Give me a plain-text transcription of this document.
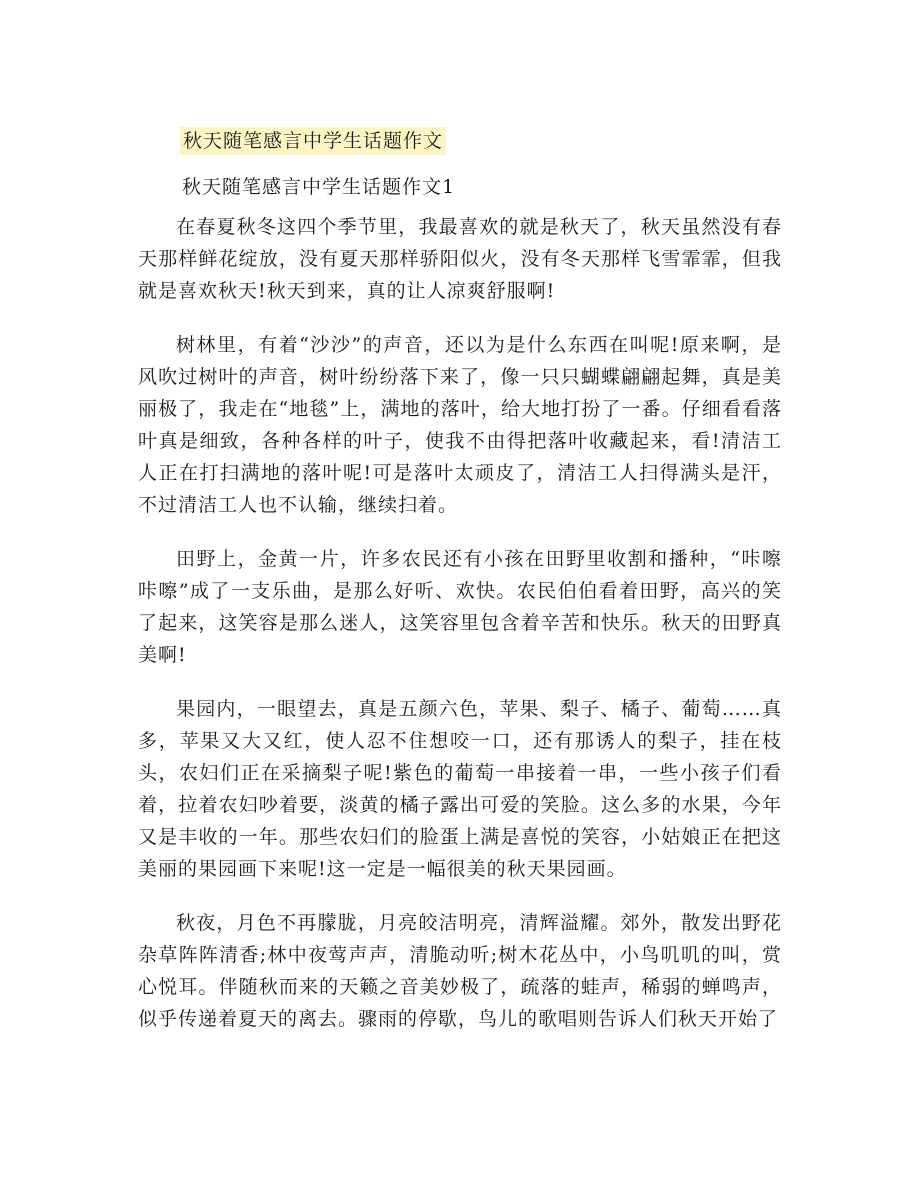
秋天随笔感言中学生话题作文
秋天随笔感言中学生话题作文1

在春夏秋冬这四个季节里，我最喜欢的就是秋天了，秋天虽然没有春天那样鲜花绽放，没有夏天那样骄阳似火，没有冬天那样飞雪霏霏，但我就是喜欢秋天!秋天到来，真的让人凉爽舒服啊!

树林里，有着“沙沙”的声音，还以为是什么东西在叫呢!原来啊，是风吹过树叶的声音，树叶纷纷落下来了，像一只只蝴蝶翩翩起舞，真是美丽极了，我走在“地毯”上，满地的落叶，给大地打扮了一番。仔细看看落叶真是细致，各种各样的叶子，使我不由得把落叶收藏起来，看!清洁工人正在打扫满地的落叶呢!可是落叶太顽皮了，清洁工人扫得满头是汗，不过清洁工人也不认输，继续扫着。

田野上，金黄一片，许多农民还有小孩在田野里收割和播种，“咔嚓咔嚓”成了一支乐曲，是那么好听、欢快。农民伯伯看着田野，高兴的笑了起来，这笑容是那么迷人，这笑容里包含着辛苦和快乐。秋天的田野真美啊!

果园内，一眼望去，真是五颜六色，苹果、梨子、橘子、葡萄……真多，苹果又大又红，使人忍不住想咬一口，还有那诱人的梨子，挂在枝头，农妇们正在采摘梨子呢!紫色的葡萄一串接着一串，一些小孩子们看着，拉着农妇吵着要，淡黄的橘子露出可爱的笑脸。这么多的水果，今年又是丰收的一年。那些农妇们的脸蛋上满是喜悦的笑容，小姑娘正在把这美丽的果园画下来呢!这一定是一幅很美的秋天果园画。

秋夜，月色不再朦胧，月亮皎洁明亮，清辉溢耀。郊外，散发出野花杂草阵阵清香;林中夜莺声声，清脆动听;树木花丛中，小鸟叽叽的叫，赏心悦耳。伴随秋而来的天籁之音美妙极了，疏落的蛙声，稀弱的蝉鸣声，似乎传递着夏天的离去。骤雨的停歇，鸟儿的歌唱则告诉人们秋天开始了
